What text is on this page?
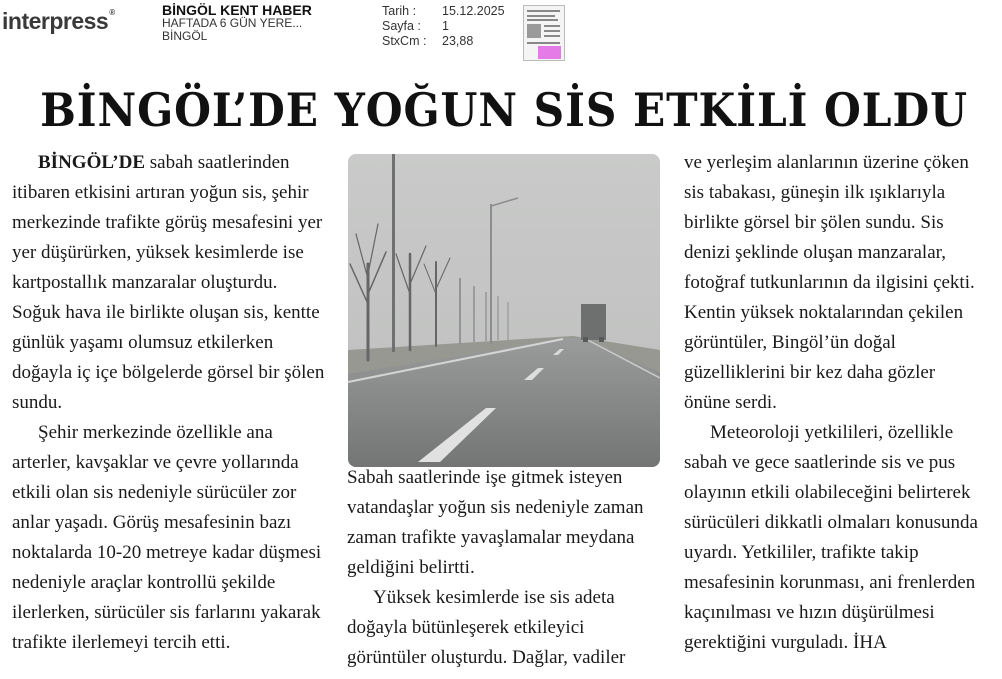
interpress®	BİNGÖL KENT HABER
HAFTADA 6 GÜN YERE...
BİNGÖL
Tarih : 15.12.2025
Sayfa : 1
StxCm : 23,88
BİNGÖL’DE YOĞUN SİS ETKİLİ OLDU

BİNGÖL’DE sabah saatlerinden itibaren etkisini artıran yoğun sis, şehir merkezinde trafikte görüş mesafesini yer yer düşürürken, yüksek kesimlerde ise kartpostallık manzaralar oluşturdu. Soğuk hava ile birlikte oluşan sis, kentte günlük yaşamı olumsuz etkilerken doğayla iç içe bölgelerde görsel bir şölen sundu.

Şehir merkezinde özellikle ana arterler, kavşaklar ve çevre yollarında etkili olan sis nedeniyle sürücüler zor anlar yaşadı. Görüş mesafesinin bazı noktalarda 10-20 metreye kadar düşmesi nedeniyle araçlar kontrollü şekilde ilerlerken, sürücüler sis farlarını yakarak trafikte ilerlemeyi tercih etti.

Sabah saatlerinde işe gitmek isteyen vatandaşlar yoğun sis nedeniyle zaman zaman trafikte yavaşlamalar meydana geldiğini belirtti.

Yüksek kesimlerde ise sis adeta doğayla bütünleşerek etkileyici görüntüler oluşturdu. Dağlar, vadiler

ve yerleşim alanlarının üzerine çöken sis tabakası, güneşin ilk ışıklarıyla birlikte görsel bir şölen sundu. Sis denizi şeklinde oluşan manzaralar, fotoğraf tutkunlarının da ilgisini çekti. Kentin yüksek noktalarından çekilen görüntüler, Bingöl’ün doğal güzelliklerini bir kez daha gözler önüne serdi.

Meteoroloji yetkilileri, özellikle sabah ve gece saatlerinde sis ve pus olayının etkili olabileceğini belirterek sürücüleri dikkatli olmaları konusunda uyardı. Yetkililer, trafikte takip mesafesinin korunması, ani frenlerden kaçınılması ve hızın düşürülmesi gerektiğini vurguladı. İHA
